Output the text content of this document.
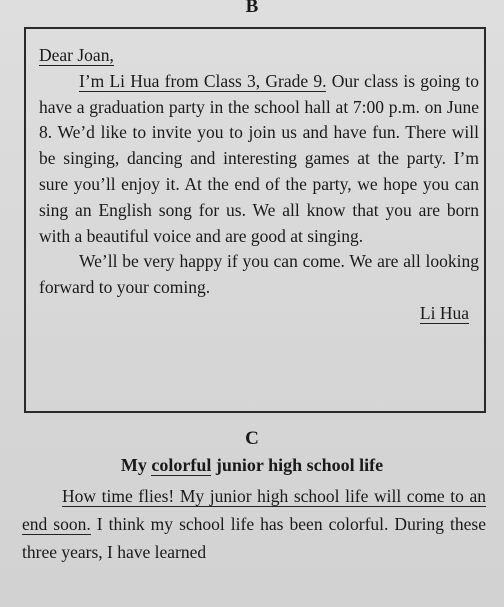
B

Dear Joan,

I’m Li Hua from Class 3, Grade 9. Our class is going to have a graduation party in the school hall at 7:00 p.m. on June 8. We’d like to invite you to join us and have fun. There will be singing, dancing and interesting games at the party. I’m sure you’ll enjoy it. At the end of the party, we hope you can sing an English song for us. We all know that you are born with a beautiful voice and are good at singing.

We’ll be very happy if you can come. We are all looking forward to your coming.

Li Hua

C
My colorful junior high school life

How time flies! My junior high school life will come to an end soon. I think my school life has been colorful. During these three years, I have learned
